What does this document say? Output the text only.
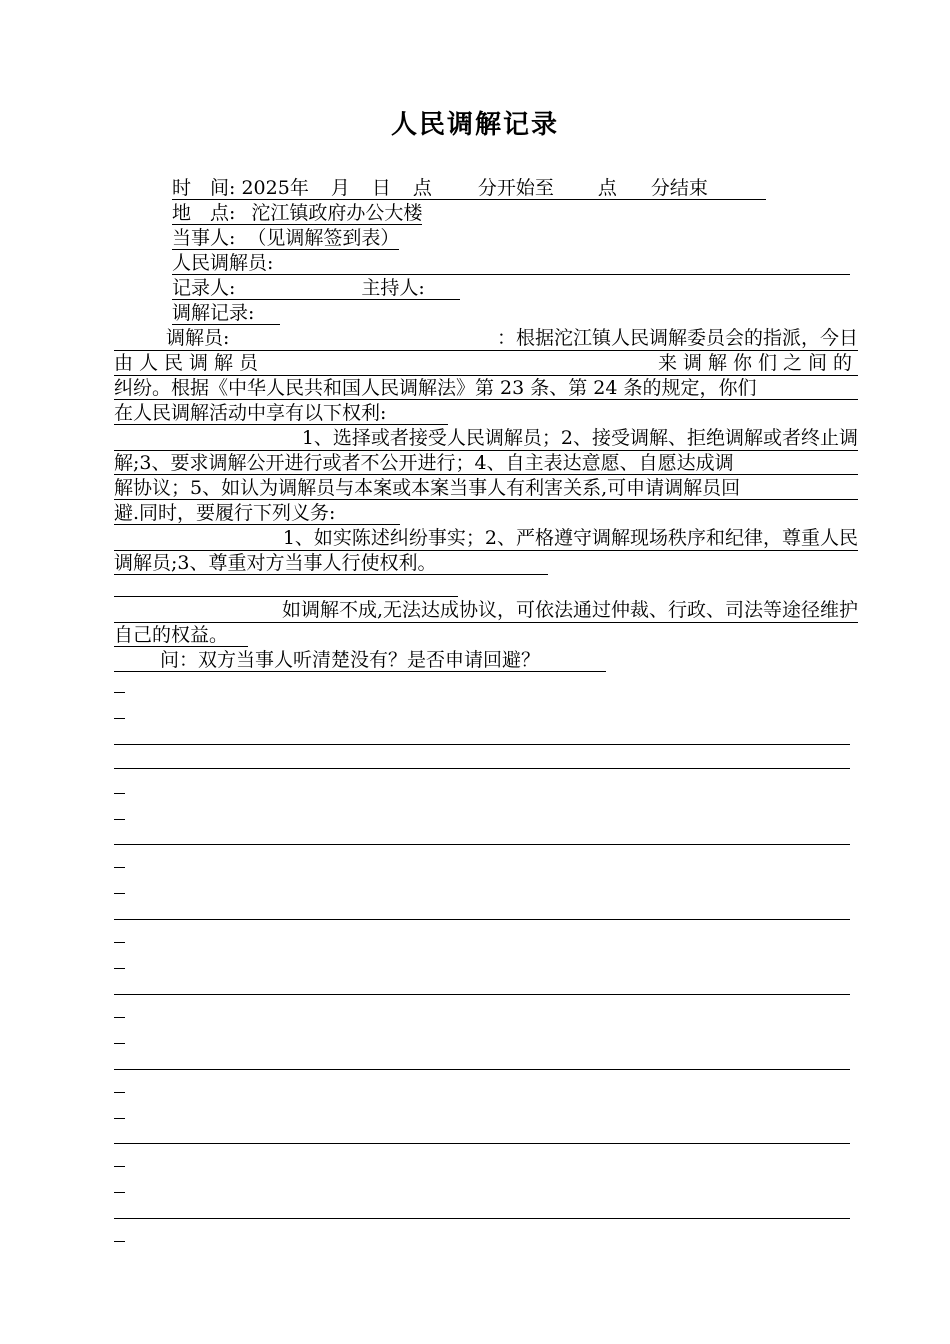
人民调解记录
时　间: 2025年 月 日 点 分开始至 点 分结束
地　点: 沱江镇政府办公大楼
当事人: （见调解签到表）
人民调解员:
记录人:	主持人:
调解记录:
调解员:	：根据沱江镇人民调解委员会的指派，今日
由人民调解员	来调解你们之间的
纠纷。根据《中华人民共和国人民调解法》第 23 条、第 24 条的规定，你们
在人民调解活动中享有以下权利:
1、选择或者接受人民调解员；2、接受调解、拒绝调解或者终止调
解;3、要求调解公开进行或者不公开进行；4、自主表达意愿、自愿达成调
解协议；5、如认为调解员与本案或本案当事人有利害关系,可申请调解员回
避.同时，要履行下列义务:
1、如实陈述纠纷事实；2、严格遵守调解现场秩序和纪律，尊重人民
调解员;3、尊重对方当事人行使权利。
如调解不成,无法达成协议，可依法通过仲裁、行政、司法等途径维护
自己的权益。
问：双方当事人听清楚没有？是否申请回避？
